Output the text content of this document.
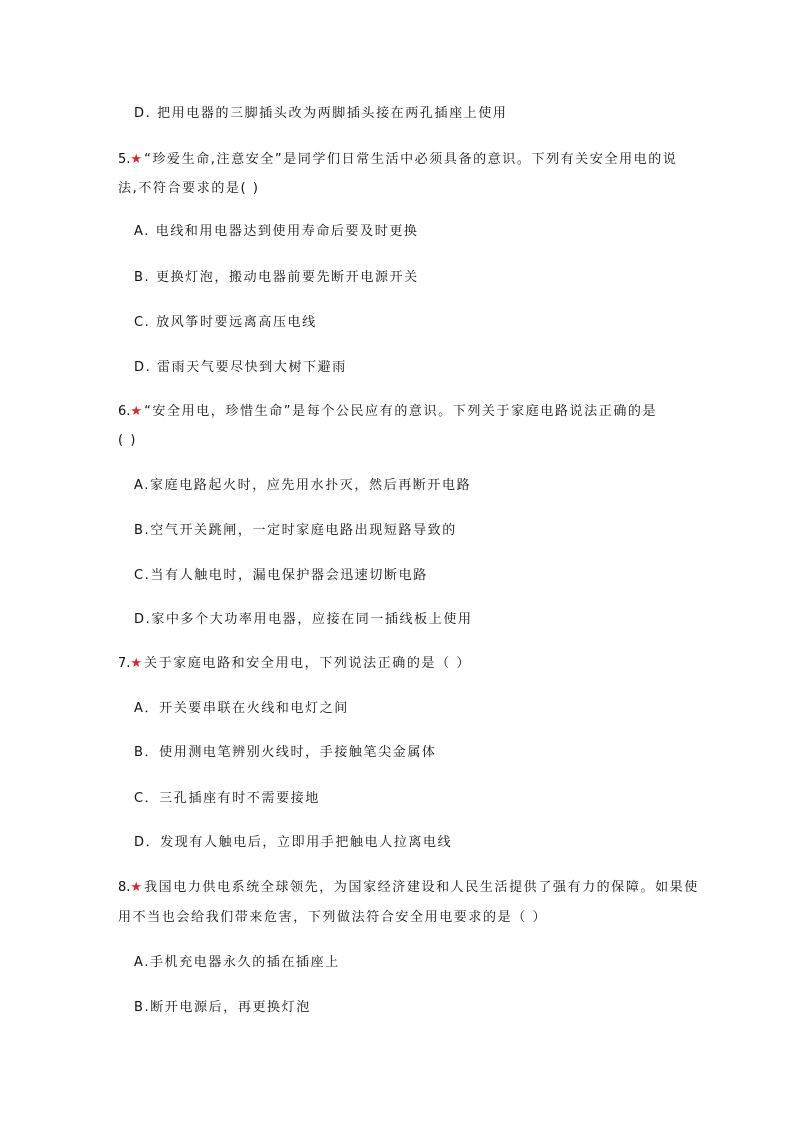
D. 把用电器的三脚插头改为两脚插头接在两孔插座上使用
5.★ “珍爱生命,注意安全”是同学们日常生活中必须具备的意识。下列有关安全用电的说
法,不符合要求的是( )
A. 电线和用电器达到使用寿命后要及时更换
B. 更换灯泡，搬动电器前要先断开电源开关
C. 放风筝时要远离高压电线
D. 雷雨天气要尽快到大树下避雨
6.★ “安全用电，珍惜生命”是每个公民应有的意识。下列关于家庭电路说法正确的是
( )
A.家庭电路起火时，应先用水扑灭，然后再断开电路
B.空气开关跳闸，一定时家庭电路出现短路导致的
C.当有人触电时，漏电保护器会迅速切断电路
D.家中多个大功率用电器，应接在同一插线板上使用
7.★ 关于家庭电路和安全用电，下列说法正确的是（ ）
A．开关要串联在火线和电灯之间
B．使用测电笔辨别火线时，手接触笔尖金属体
C．三孔插座有时不需要接地
D．发现有人触电后，立即用手把触电人拉离电线
8.★ 我国电力供电系统全球领先，为国家经济建设和人民生活提供了强有力的保障。如果使
用不当也会给我们带来危害，下列做法符合安全用电要求的是（ ）
A.手机充电器永久的插在插座上
B.断开电源后，再更换灯泡
